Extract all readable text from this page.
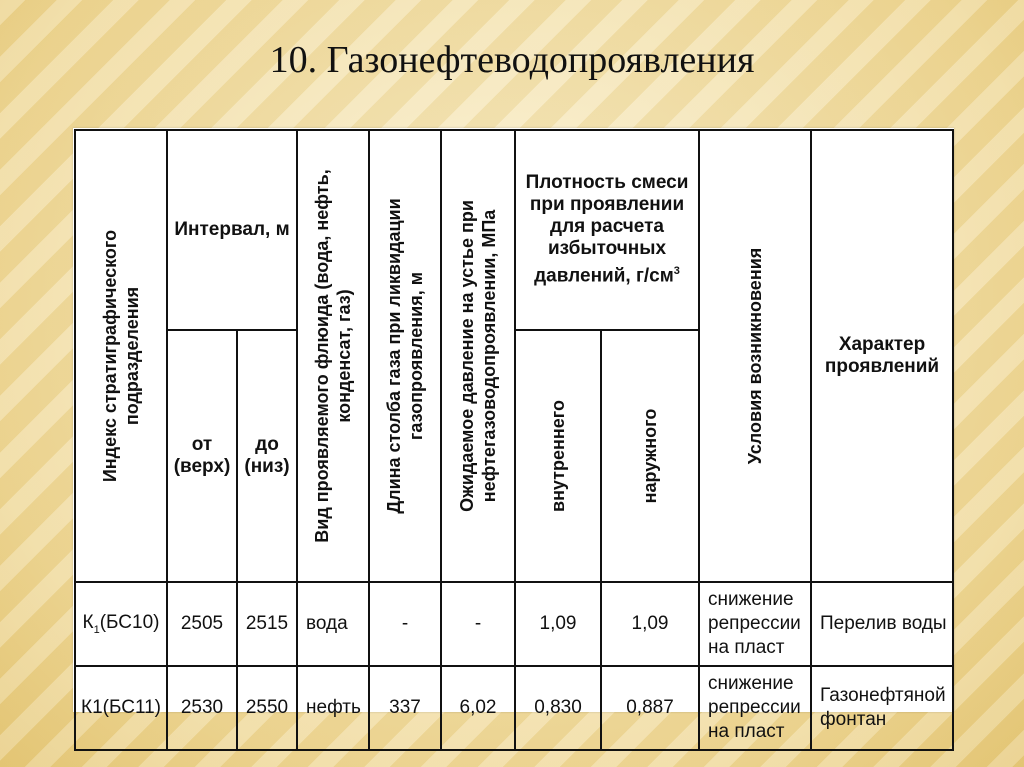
10. Газонефтеводопроявления
Индекс стратиграфического подразделения	Интервал, м		Вид проявляемого флюида (вода, нефть, конденсат, газ)	Длина столба газа при ликвидации газопроявления, м	Ожидаемое давление на устье при нефтегазоводопроявлении, МПа	Плотность смеси при проявлении для расчета избыточных давлений, $г/см^3$		Условия возникновения	Характер проявлений
	от (верх)	до (низ)				внутреннего	наружного		

$К_1(БС10)$	2505	2515	вода	-	-	1,09	1,09	снижение репрессии на пласт	Перелив воды
К1(БС11)	2530	2550	нефть	337	6,02	0,830	0,887	снижение репрессии на пласт	Газонефтяной фонтан
